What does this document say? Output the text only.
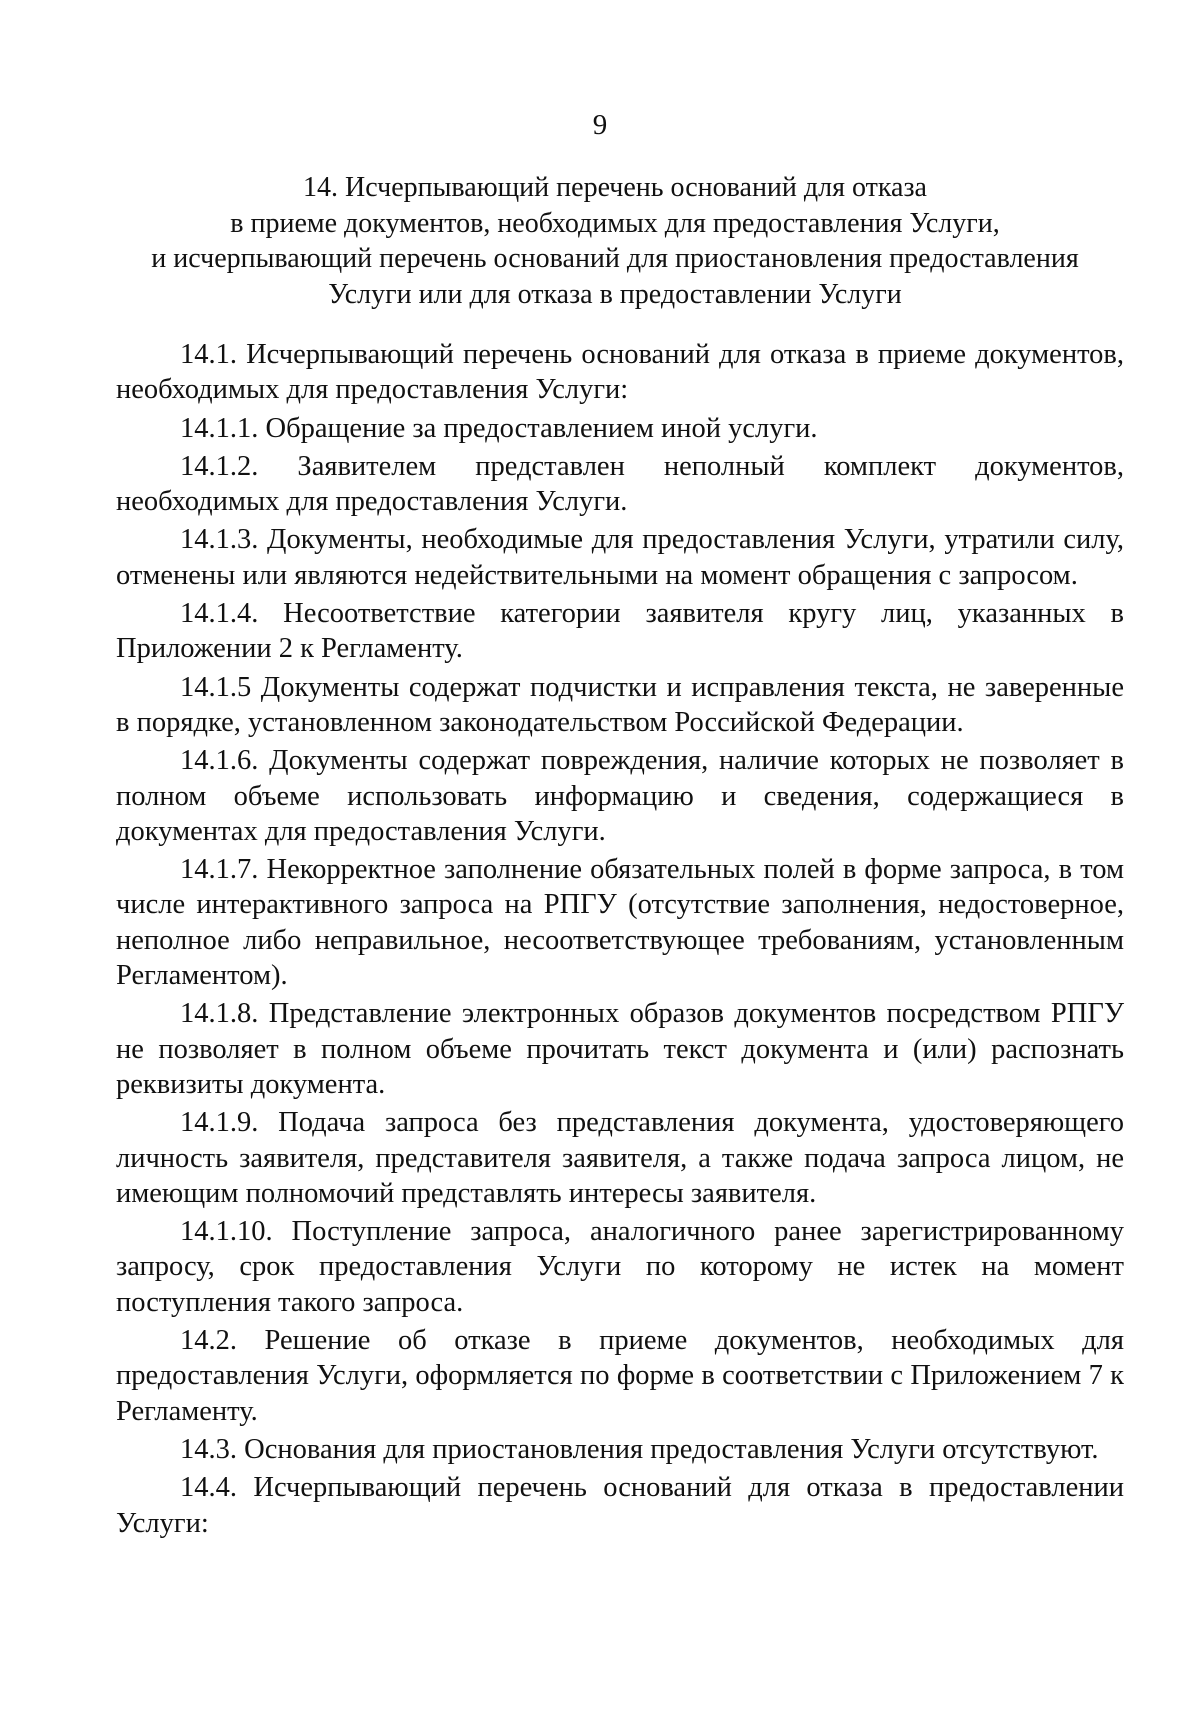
9
14. Исчерпывающий перечень оснований для отказа
в приеме документов, необходимых для предоставления Услуги,
и исчерпывающий перечень оснований для приостановления предоставления
Услуги или для отказа в предоставлении Услуги

14.1. Исчерпывающий перечень оснований для отказа в приеме документов, необходимых для предоставления Услуги:

14.1.1. Обращение за предоставлением иной услуги.

14.1.2. Заявителем представлен неполный комплект документов, необходимых для предоставления Услуги.

14.1.3. Документы, необходимые для предоставления Услуги, утратили силу, отменены или являются недействительными на момент обращения с запросом.

14.1.4. Несоответствие категории заявителя кругу лиц, указанных в Приложении 2 к Регламенту.

14.1.5 Документы содержат подчистки и исправления текста, не заверенные в порядке, установленном законодательством Российской Федерации.

14.1.6. Документы содержат повреждения, наличие которых не позволяет в полном объеме использовать информацию и сведения, содержащиеся в документах для предоставления Услуги.

14.1.7. Некорректное заполнение обязательных полей в форме запроса, в том числе интерактивного запроса на РПГУ (отсутствие заполнения, недостоверное, неполное либо неправильное, несоответствующее требованиям, установленным Регламентом).

14.1.8. Представление электронных образов документов посредством РПГУ не позволяет в полном объеме прочитать текст документа и (или) распознать реквизиты документа.

14.1.9. Подача запроса без представления документа, удостоверяющего личность заявителя, представителя заявителя, а также подача запроса лицом, не имеющим полномочий представлять интересы заявителя.

14.1.10. Поступление запроса, аналогичного ранее зарегистрированному запросу, срок предоставления Услуги по которому не истек на момент поступления такого запроса.

14.2. Решение об отказе в приеме документов, необходимых для предоставления Услуги, оформляется по форме в соответствии с Приложением 7 к Регламенту.

14.3. Основания для приостановления предоставления Услуги отсутствуют.

14.4. Исчерпывающий перечень оснований для отказа в предоставлении Услуги:
